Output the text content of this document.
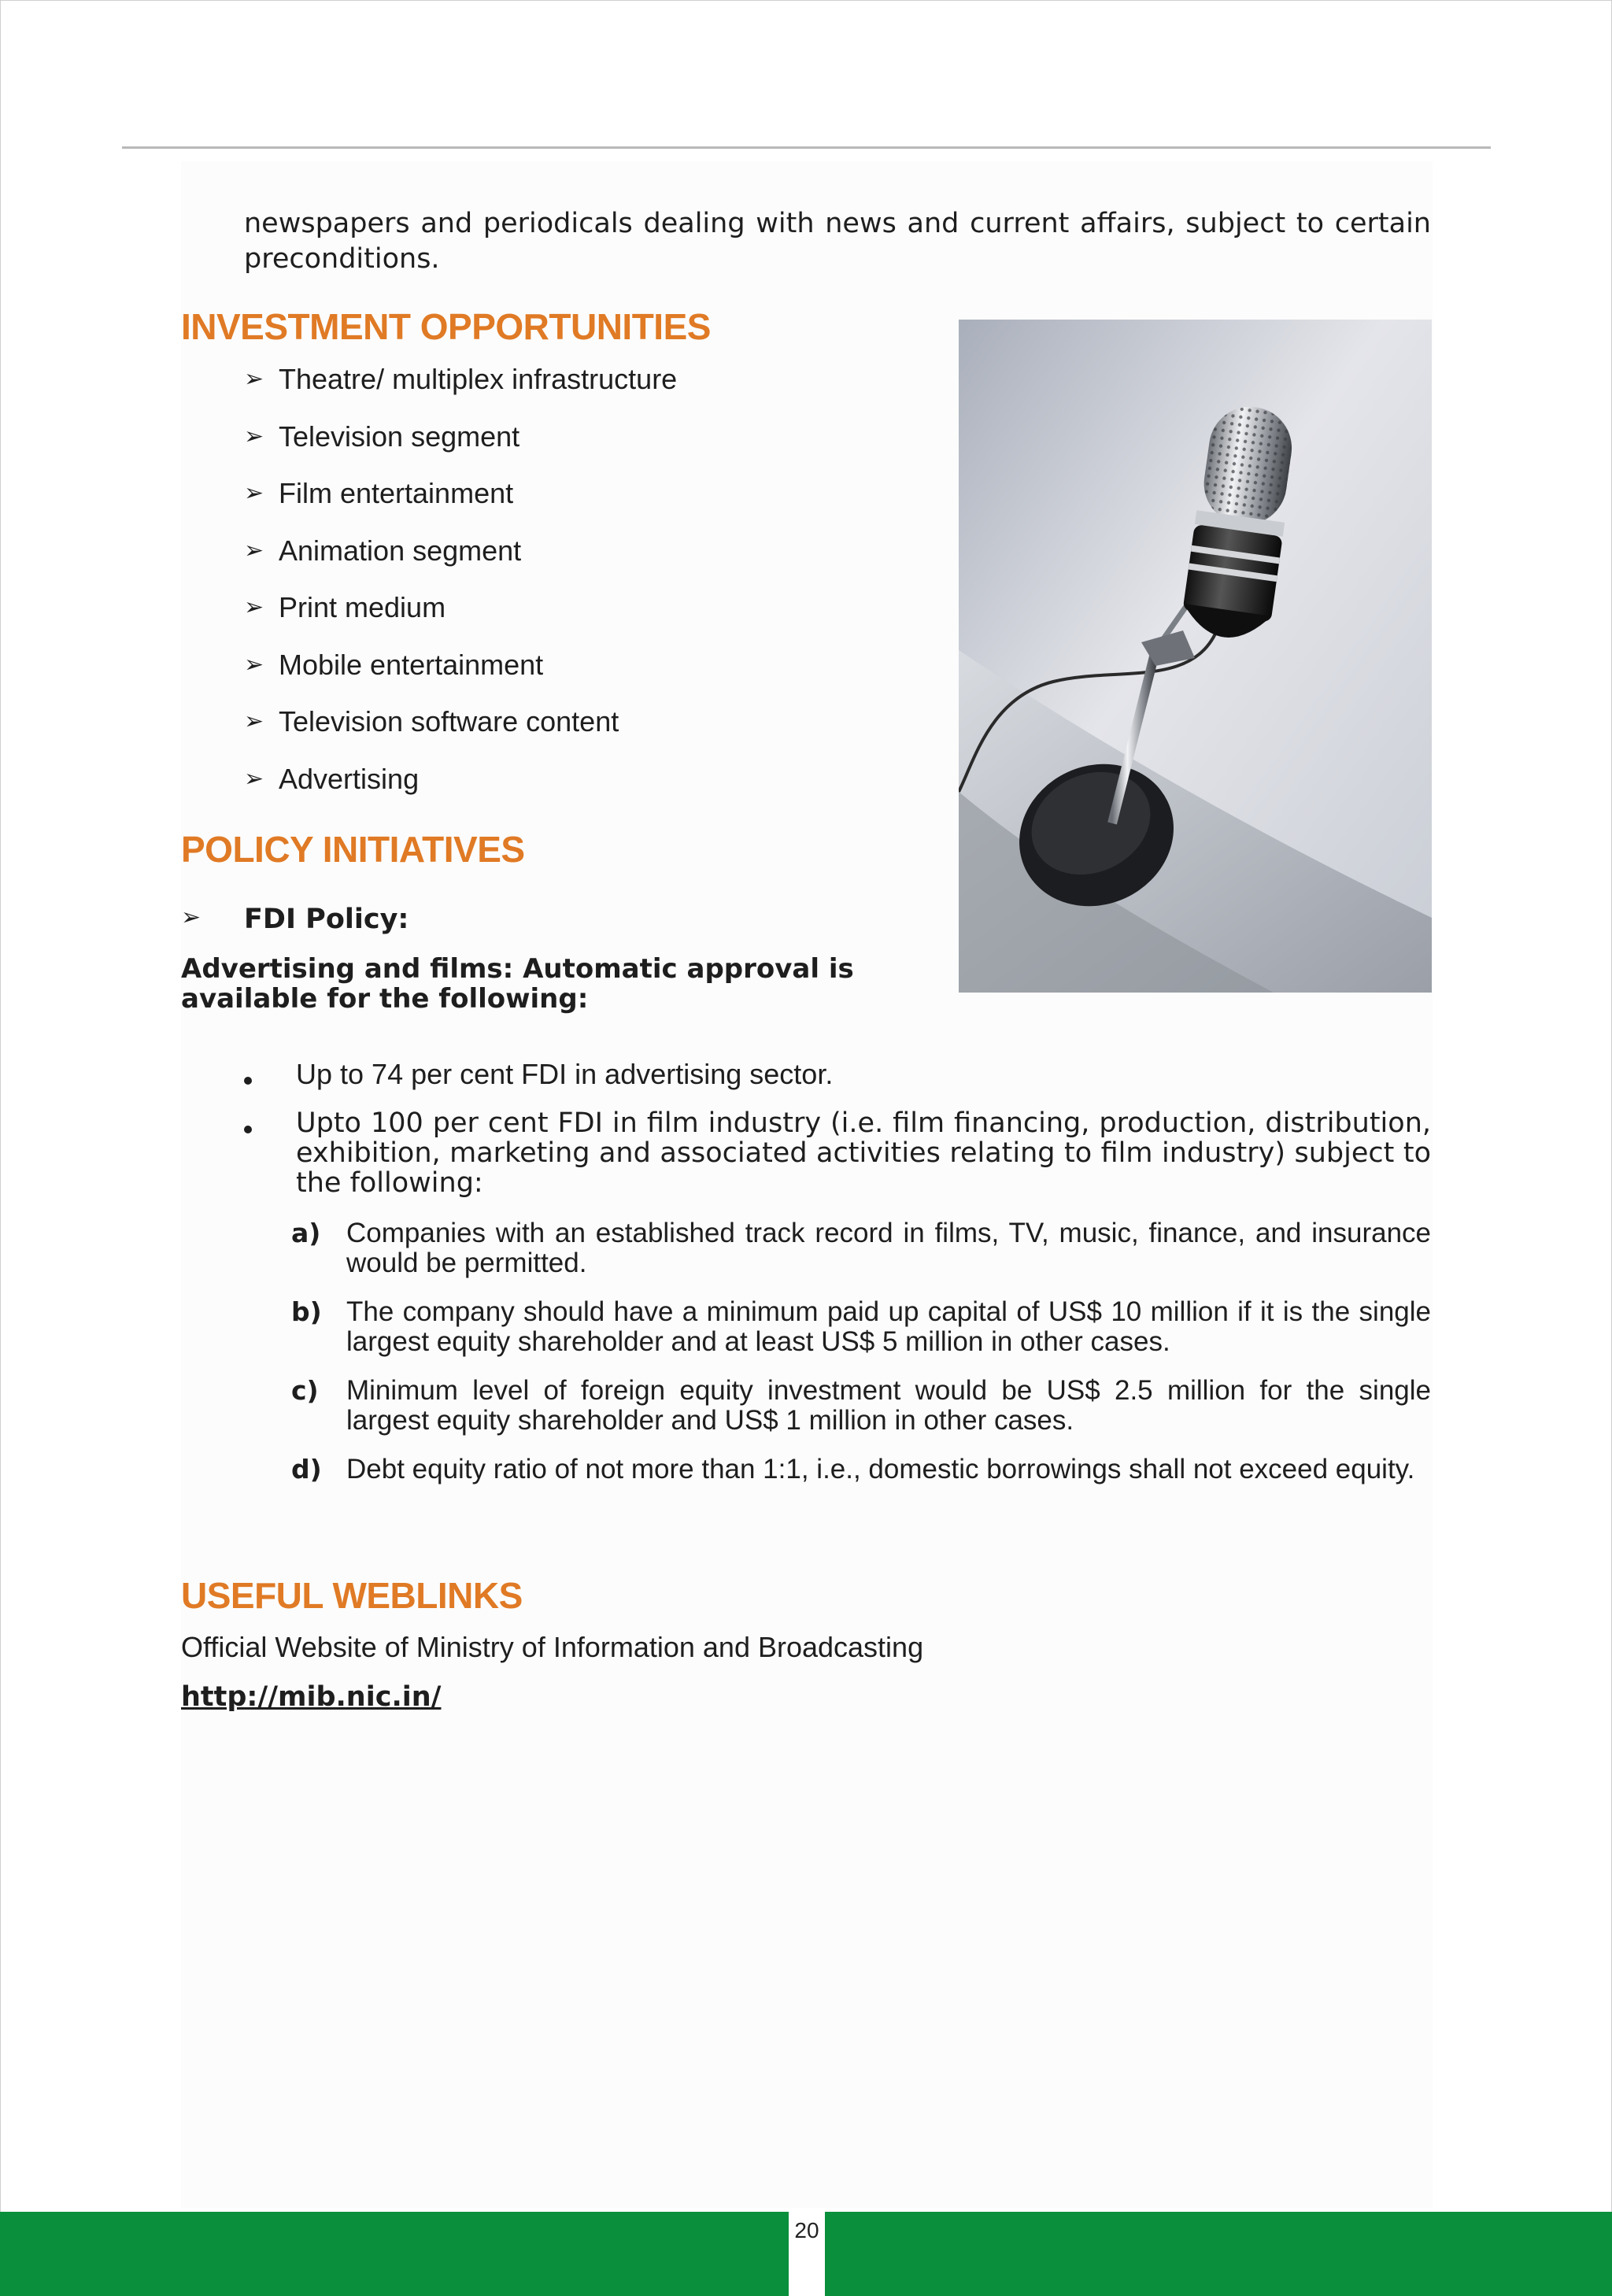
newspapers and periodicals dealing with news and current affairs, subject to certain preconditions.

INVESTMENT OPPORTUNITIES
➢ Theatre/ multiplex infrastructure
➢ Television segment
➢ Film entertainment
➢ Animation segment
➢ Print medium
➢ Mobile entertainment
➢ Television software content
➢ Advertising
POLICY INITIATIVES
➢	FDI Policy:
Advertising and films: Automatic approval is available for the following:
Up to 74 per cent FDI in advertising sector.
Upto 100 per cent FDI in film industry (i.e. film financing, production, distribution, exhibition, marketing and associated activities relating to film industry) subject to the following:
a) Companies with an established track record in films, TV, music, finance, and insurance would be permitted.
b) The company should have a minimum paid up capital of US$ 10 million if it is the single largest equity shareholder and at least US$ 5 million in other cases.
c)	Minimum level of foreign equity investment would be US$ 2.5 million for the single largest equity shareholder and US$ 1 million in other cases.
d) Debt equity ratio of not more than 1:1, i.e., domestic borrowings shall not exceed equity.
USEFUL WEBLINKS
Official Website of Ministry of Information and Broadcasting
http://mib.nic.in/
20
